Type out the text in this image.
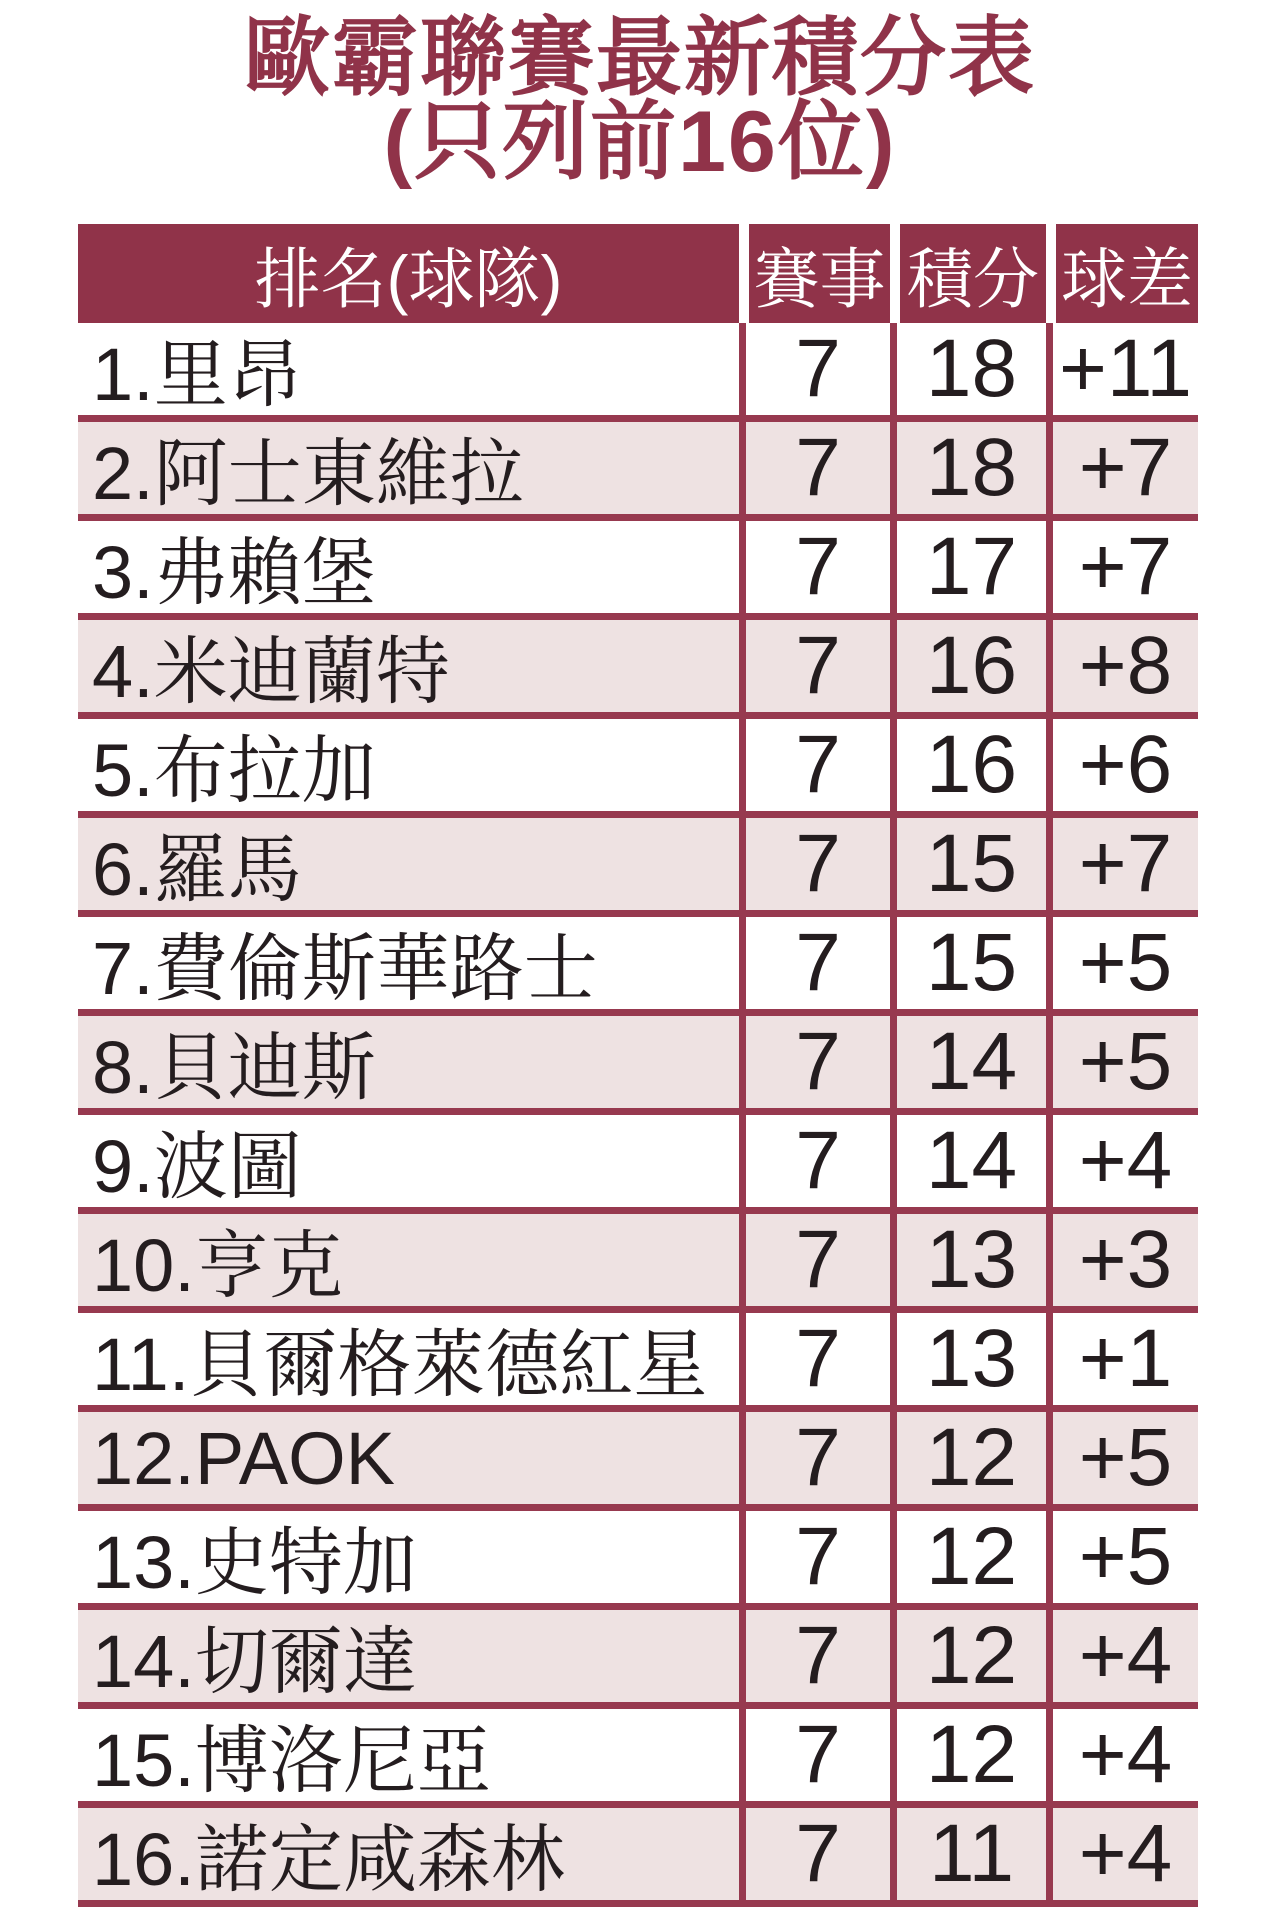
歐霸聯賽最新積分表
(只列前16位)
排名(球隊)	賽事 積分 球差
1.里昂	7	18 +11
2.阿士東維拉	7	18 +7
3.弗賴堡	7	17 +7
4.米迪蘭特	7	16 +8
5.布拉加	7	16 +6
6.羅馬	7	15 +7
7.費倫斯華路士	7	15 +5
8.貝迪斯	7	14 +5
9.波圖	7	14 +4
10.亨克	7	13 +3
11.貝爾格萊德紅星	7	13 +1
12.PAOK	7	12 +5
13.史特加	7	12 +5
14.切爾達	7	12 +4
15.博洛尼亞	7	12 +4
16.諾定咸森林	7	11 +4
